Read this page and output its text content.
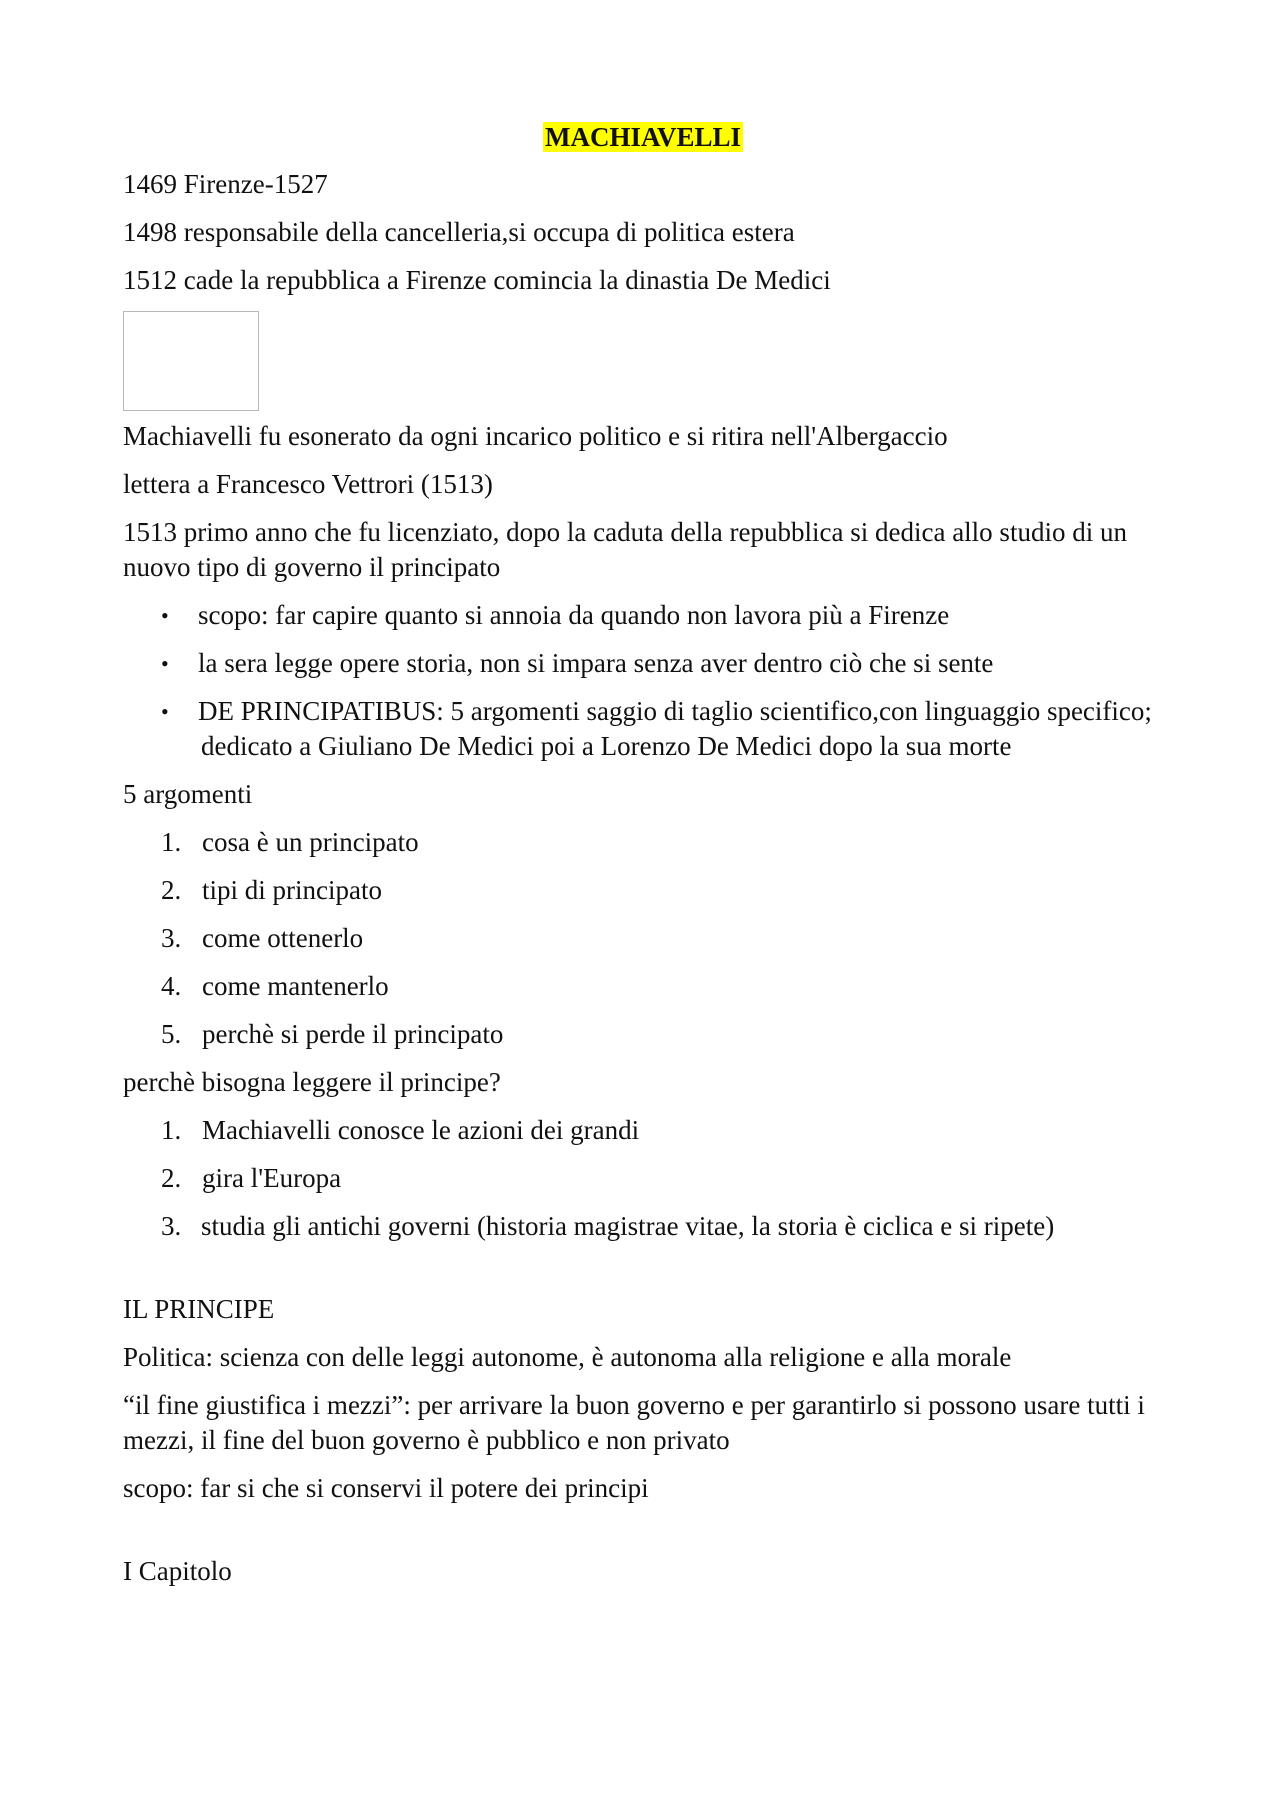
MACHIAVELLI

1469 Firenze-1527

1498 responsabile della cancelleria,si occupa di politica estera

1512 cade la repubblica a Firenze comincia la dinastia De Medici

Machiavelli fu esonerato da ogni incarico politico e si ritira nell'Albergaccio

lettera a Francesco Vettrori (1513)

1513 primo anno che fu licenziato, dopo la caduta della repubblica si dedica allo studio di un nuovo tipo di governo il principato

• scopo: far capire quanto si annoia da quando non lavora più a Firenze
• la sera legge opere storia, non si impara senza aver dentro ciò che si sente
• DE PRINCIPATIBUS: 5 argomenti saggio di taglio scientifico,con linguaggio specifico; dedicato a Giuliano De Medici poi a Lorenzo De Medici dopo la sua morte

5 argomenti

1. cosa è un principato
2. tipi di principato
3. come ottenerlo
4. come mantenerlo
5. perchè si perde il principato

perchè bisogna leggere il principe?

1. Machiavelli conosce le azioni dei grandi
2. gira l'Europa
3. studia gli antichi governi (historia magistrae vitae, la storia è ciclica e si ripete)

IL PRINCIPE

Politica: scienza con delle leggi autonome, è autonoma alla religione e alla morale

“il fine giustifica i mezzi”: per arrivare la buon governo e per garantirlo si possono usare tutti i mezzi, il fine del buon governo è pubblico e non privato

scopo: far si che si conservi il potere dei principi

I Capitolo
